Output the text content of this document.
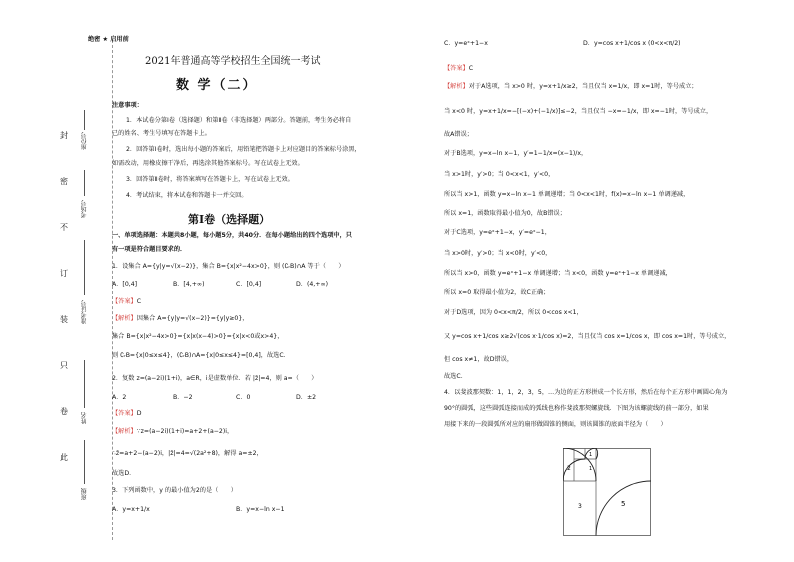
封
密
不
订
装
只
卷
此
座位号
考场号
准考证号
姓名
班级
绝密 ★ 启用前
2021年普通高等学校招生全国统一考试
数 学（二）
注意事项：
1．本试卷分第Ⅰ卷（选择题）和第Ⅱ卷（非选择题）两部分。答题前，考生务必将自
己的姓名、考生号填写在答题卡上。
2．回答第Ⅰ卷时，选出每小题的答案后，用铅笔把答题卡上对应题目的答案标号涂黑，
如需改动，用橡皮擦干净后，再选涂其他答案标号。写在试卷上无效。
3．回答第Ⅱ卷时，将答案填写在答题卡上，写在试卷上无效。
4．考试结束，将本试卷和答题卡一并交回。
第Ⅰ卷（选择题）
一、单项选择题：本题共8小题，每小题5分，共40分．在每小题给出的四个选项中，只
有一项是符合题目要求的．
1．设集合 A={y|y=√(x−2)}，集合 B={x|x²−4x>0}，则 (∁ᵣB)∩A 等于（　　）
A．[0,4]	B．[4,+∞)	C．[0,4]	D．(4,+∞)
【答案】C
【解析】因集合 A={y|y=√(x−2)}={y|y≥0}，
集合 B={x|x²−4x>0}={x|x(x−4)>0}={x|x<0或x>4}，
则 ∁ᵣB={x|0≤x≤4}，(∁ᵣB)∩A={x|0≤x≤4}=[0,4]，故选C．
2．复数 z=(a−2i)(1+i)，a∈R，i是虚数单位．若 |z̄|=4，则 a=（　　）
A．2	B．−2	C．0	D．±2
【答案】D
【解析】∵z=(a−2i)(1+i)=a+2+(a−2)i，
∴z̄=a+2−(a−2)i，|z̄|=4=√(2a²+8)，解得 a=±2，
故选D．
3．下列函数中，y 的最小值为2的是（　　）
A．y=x+1/x	B．y=x−ln x−1
C．y=eˣ+1−x	D．y=cos x+1/cos x (0<x<π/2)
【答案】C
【解析】对于A选项，当 x>0 时，y=x+1/x≥2，当且仅当 x=1/x，即 x=1时，等号成立；
当 x<0 时，y=x+1/x=−[(−x)+(−1/x)]≤−2，当且仅当 −x=−1/x，即 x=−1时，等号成立，
故A错误；
对于B选项，y=x−ln x−1，y′=1−1/x=(x−1)/x，
当 x>1时，y′>0；当 0<x<1，y′<0，
所以当 x>1，函数 y=x−ln x−1 单调递增；当 0<x<1时，f(x)=x−ln x−1 单调递减，
所以 x=1，函数取得最小值为0，故B错误；
对于C选项，y=eˣ+1−x，y′=eˣ−1，
当 x>0时，y′>0；当 x<0时，y′<0，
所以当 x>0，函数 y=eˣ+1−x 单调递增；当 x<0，函数 y=eˣ+1−x 单调递减，
所以 x=0 取得最小值为2，故C正确；
对于D选项，因为 0<x<π/2，所以 0<cos x<1，
又 y=cos x+1/cos x≥2√(cos x·1/cos x)=2，当且仅当 cos x=1/cos x，即 cos x=1时，等号成立，
但 cos x≠1，故D错误，
故选C．
4．以斐波那契数：1，1，2，3，5，…为边的正方形拼成一个长方形，然后在每个正方形中画圆心角为
90°的圆弧，这些圆弧连接而成的弧线也称作斐波那契螺旋线．下图为该螺旋线的前一部分，如果
用接下来的一段圆弧所对应的扇形做圆锥的侧面，则该圆锥的底面半径为（　　）
1
1
2
3	5
